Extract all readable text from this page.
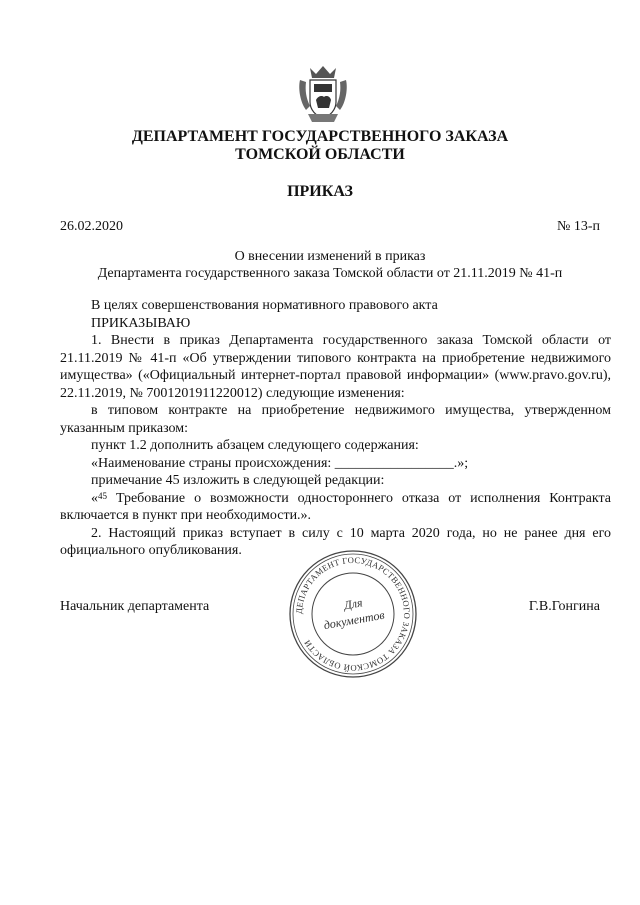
ДЕПАРТАМЕНТ ГОСУДАРСТВЕННОГО ЗАКАЗА
ТОМСКОЙ ОБЛАСТИ
ПРИКАЗ
26.02.2020	№ 13-п
О внесении изменений в приказ
Департамента государственного заказа Томской области от 21.11.2019 № 41-п

В целях совершенствования нормативного правового акта

ПРИКАЗЫВАЮ

1. Внести в приказ Департамента государственного заказа Томской области от 21.11.2019 № 41-п «Об утверждении типового контракта на приобретение недвижимого имущества» («Официальный интернет-портал правовой информации» (www.pravo.gov.ru), 22.11.2019, № 7001201911220012) следующие изменения:

в типовом контракте на приобретение недвижимого имущества, утвержденном указанным приказом:

пункт 1.2 дополнить абзацем следующего содержания:

«Наименование страны происхождения: _________________.»;

примечание 45 изложить в следующей редакции:

«$^{45}$ Требование о возможности одностороннего отказа от исполнения Контракта включается в пункт при необходимости.».

2. Настоящий приказ вступает в силу с 10 марта 2020 года, но не ранее дня его официального опубликования.

Начальник департамента	Г.В.Гонгина
ДЕПАРТАМЕНТ ГОСУДАРСТВЕННОГО ЗАКАЗА ТОМСКОЙ ОБЛАСТИ
Для
документов
